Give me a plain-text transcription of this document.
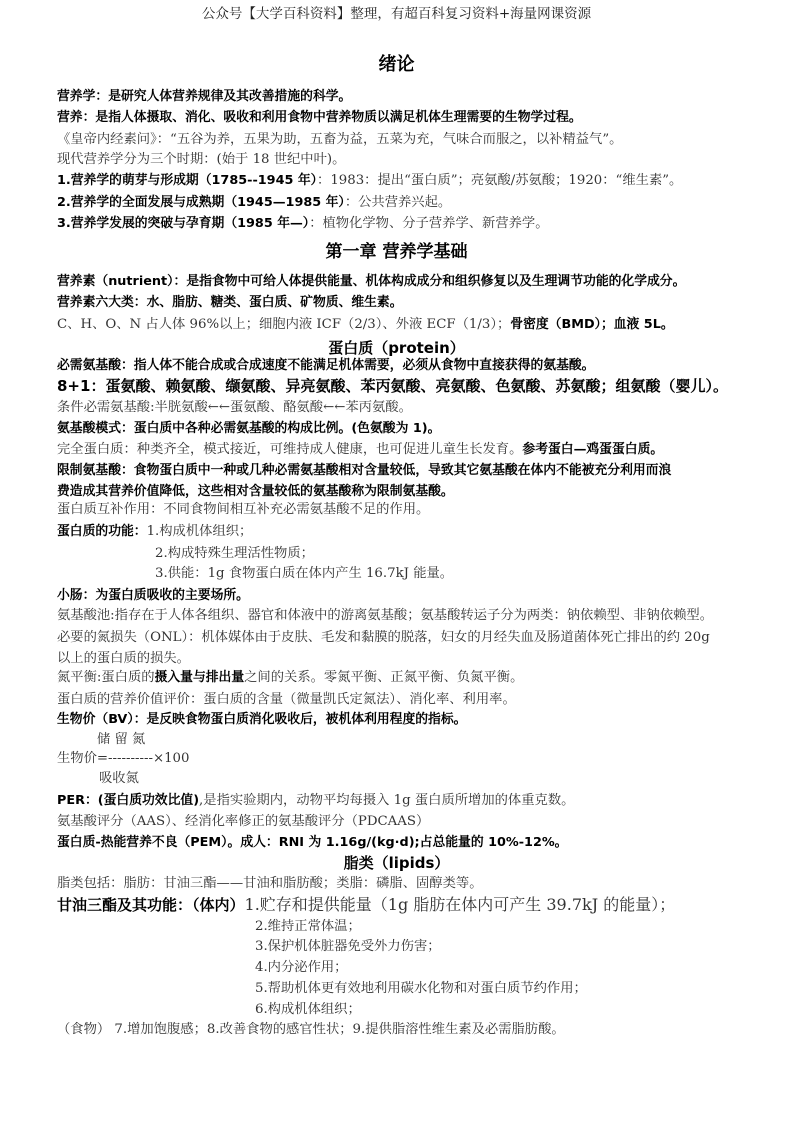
公众号【大学百科资料】整理，有超百科复习资料+海量网课资源
绪论
第一章 营养学基础
蛋白质（protein）
脂类（lipids）
营养学：是研究人体营养规律及其改善措施的科学。
营养：是指人体摄取、消化、吸收和利用食物中营养物质以满足机体生理需要的生物学过程。
《皇帝内经素问》：“五谷为养，五果为助，五畜为益，五菜为充，气味合而服之，以补精益气”。
现代营养学分为三个时期：(始于 18 世纪中叶)。
1.营养学的萌芽与形成期（1785--1945 年）：1983：提出“蛋白质”；亮氨酸/苏氨酸；1920：“维生素”。
2.营养学的全面发展与成熟期（1945—1985 年）：公共营养兴起。
3.营养学发展的突破与孕育期（1985 年—）：植物化学物、分子营养学、新营养学。
营养素（nutrient）：是指食物中可给人体提供能量、机体构成成分和组织修复以及生理调节功能的化学成分。
营养素六大类：水、脂肪、糖类、蛋白质、矿物质、维生素。
C、H、O、N 占人体 96%以上；细胞内液 ICF（2/3）、外液 ECF（1/3）；骨密度（BMD）；血液 5L。
必需氨基酸：指人体不能合成或合成速度不能满足机体需要，必须从食物中直接获得的氨基酸。
8+1：蛋氨酸、赖氨酸、缬氨酸、异亮氨酸、苯丙氨酸、亮氨酸、色氨酸、苏氨酸；组氨酸（婴儿）。
条件必需氨基酸:半胱氨酸←←蛋氨酸、酪氨酸←←苯丙氨酸。
氨基酸模式：蛋白质中各种必需氨基酸的构成比例。(色氨酸为 1)。
完全蛋白质：种类齐全，模式接近，可维持成人健康，也可促进儿童生长发育。参考蛋白—鸡蛋蛋白质。
限制氨基酸：食物蛋白质中一种或几种必需氨基酸相对含量较低，导致其它氨基酸在体内不能被充分利用而浪
费造成其营养价值降低，这些相对含量较低的氨基酸称为限制氨基酸。
蛋白质互补作用：不同食物间相互补充必需氨基酸不足的作用。
蛋白质的功能：1.构成机体组织；
2.构成特殊生理活性物质；
3.供能：1g 食物蛋白质在体内产生 16.7kJ 能量。
小肠：为蛋白质吸收的主要场所。
氨基酸池:指存在于人体各组织、器官和体液中的游离氨基酸；氨基酸转运子分为两类：钠依赖型、非钠依赖型。
必要的氮损失（ONL）：机体媒体由于皮肤、毛发和黏膜的脱落，妇女的月经失血及肠道菌体死亡排出的约 20g
以上的蛋白质的损失。
氮平衡:蛋白质的摄入量与排出量之间的关系。零氮平衡、正氮平衡、负氮平衡。
蛋白质的营养价值评价：蛋白质的含量（微量凯氏定氮法）、消化率、利用率。
生物价（BV）：是反映食物蛋白质消化吸收后，被机体利用程度的指标。
储 留 氮
生物价=----------×100
吸收氮
PER：(蛋白质功效比值),是指实验期内，动物平均每摄入 1g 蛋白质所增加的体重克数。
氨基酸评分（AAS）、经消化率修正的氨基酸评分（PDCAAS）
蛋白质-热能营养不良（PEM）。成人：RNI 为 1.16g/(kg·d);占总能量的 10%-12%。
脂类包括：脂肪：甘油三酯——甘油和脂肪酸；类脂：磷脂、固醇类等。
甘油三酯及其功能：（体内）1.贮存和提供能量（1g 脂肪在体内可产生 39.7kJ 的能量）；
2.维持正常体温；
3.保护机体脏器免受外力伤害；
4.内分泌作用；
5.帮助机体更有效地利用碳水化物和对蛋白质节约作用；
6.构成机体组织；
（食物） 7.增加饱腹感；8.改善食物的感官性状；9.提供脂溶性维生素及必需脂肪酸。
